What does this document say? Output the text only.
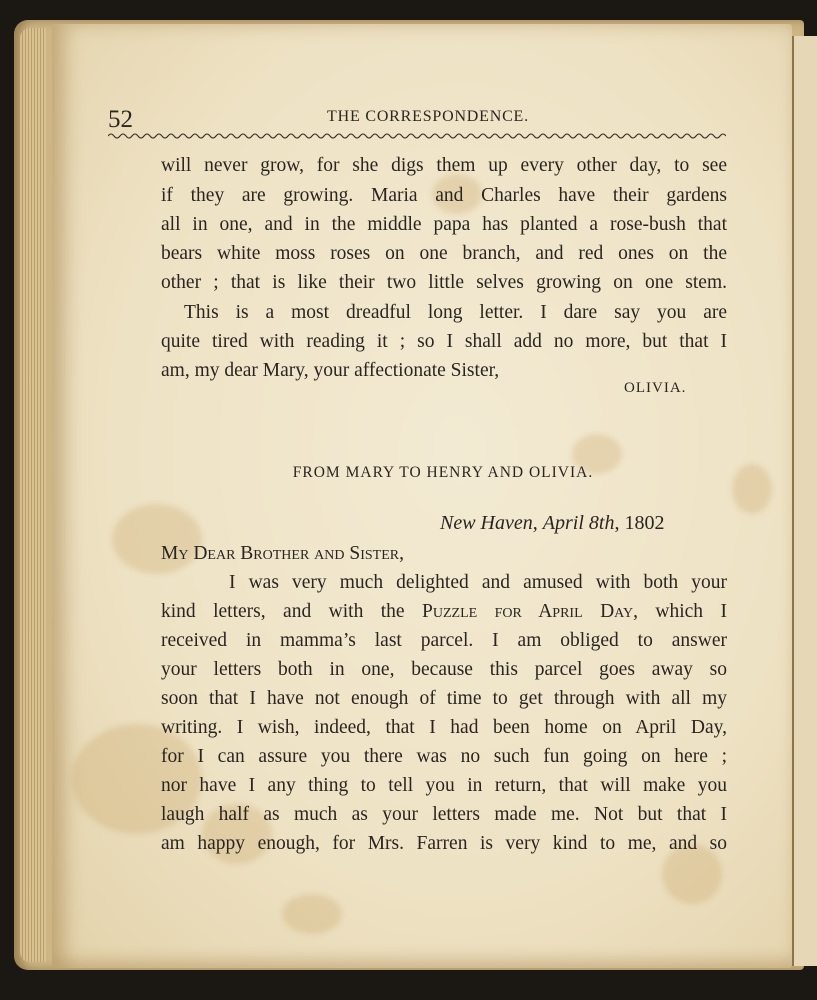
52	THE CORRESPONDENCE.
will never grow, for she digs them up every other day, to see
if they are growing. Maria and Charles have their gardens
all in one, and in the middle papa has planted a rose-bush that
bears white moss roses on one branch, and red ones on the
other ; that is like their two little selves growing on one stem.
This is a most dreadful long letter. I dare say you are
quite tired with reading it ; so I shall add no more, but that I
am, my dear Mary, your affectionate Sister,
OLIVIA.
FROM MARY TO HENRY AND OLIVIA.
New Haven, April 8th, 1802
My Dear Brother and Sister,
I was very much delighted and amused with both your
kind letters, and with the Puzzle for April Day, which I
received in mamma’s last parcel. I am obliged to answer
your letters both in one, because this parcel goes away so
soon that I have not enough of time to get through with all my
writing. I wish, indeed, that I had been home on April Day,
for I can assure you there was no such fun going on here ;
nor have I any thing to tell you in return, that will make you
laugh half as much as your letters made me. Not but that I
am happy enough, for Mrs. Farren is very kind to me, and so
